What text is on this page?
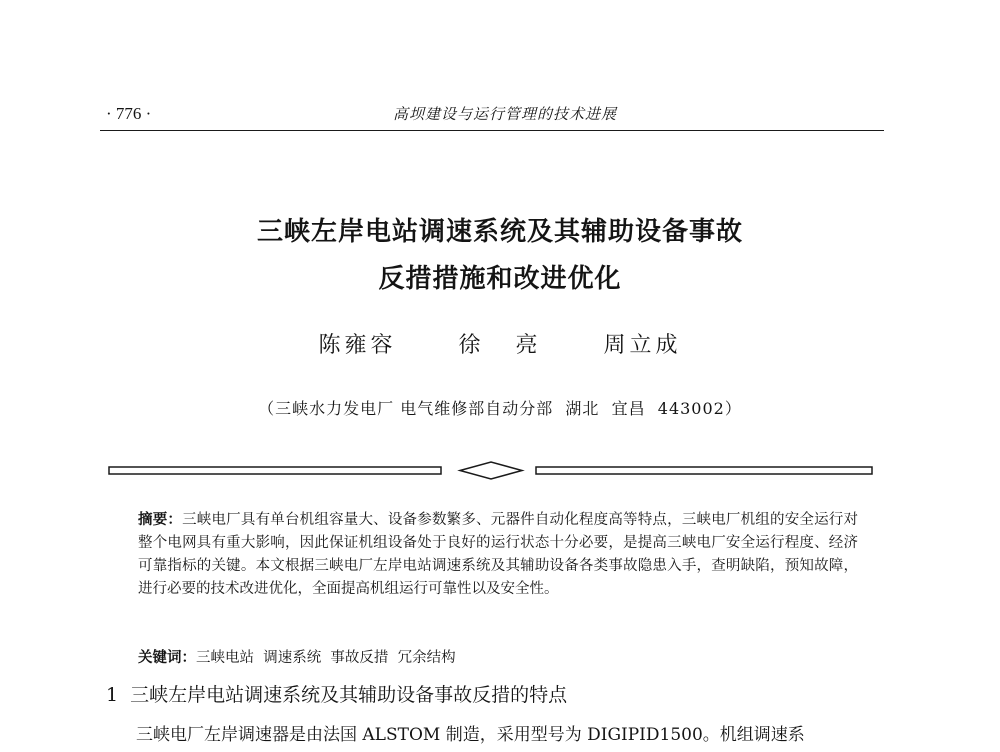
· 776 ·	高坝建设与运行管理的技术进展
三峡左岸电站调速系统及其辅助设备事故
反措措施和改进优化
陈雍容  徐 亮  周立成
（三峡水力发电厂 电气维修部自动分部  湖北  宜昌  443002）
摘要：三峡电厂具有单台机组容量大、设备参数繁多、元器件自动化程度高等特点，三峡电厂机组的安全运行对整个电网具有重大影响，因此保证机组设备处于良好的运行状态十分必要，是提高三峡电厂安全运行程度、经济可靠指标的关键。本文根据三峡电厂左岸电站调速系统及其辅助设备各类事故隐患入手，查明缺陷，预知故障，进行必要的技术改进优化，全面提高机组运行可靠性以及安全性。
关键词：三峡电站  调速系统  事故反措  冗余结构
1  三峡左岸电站调速系统及其辅助设备事故反措的特点
三峡电厂左岸调速器是由法国 ALSTOM 制造，采用型号为 DIGIPID1500。机组调速系
